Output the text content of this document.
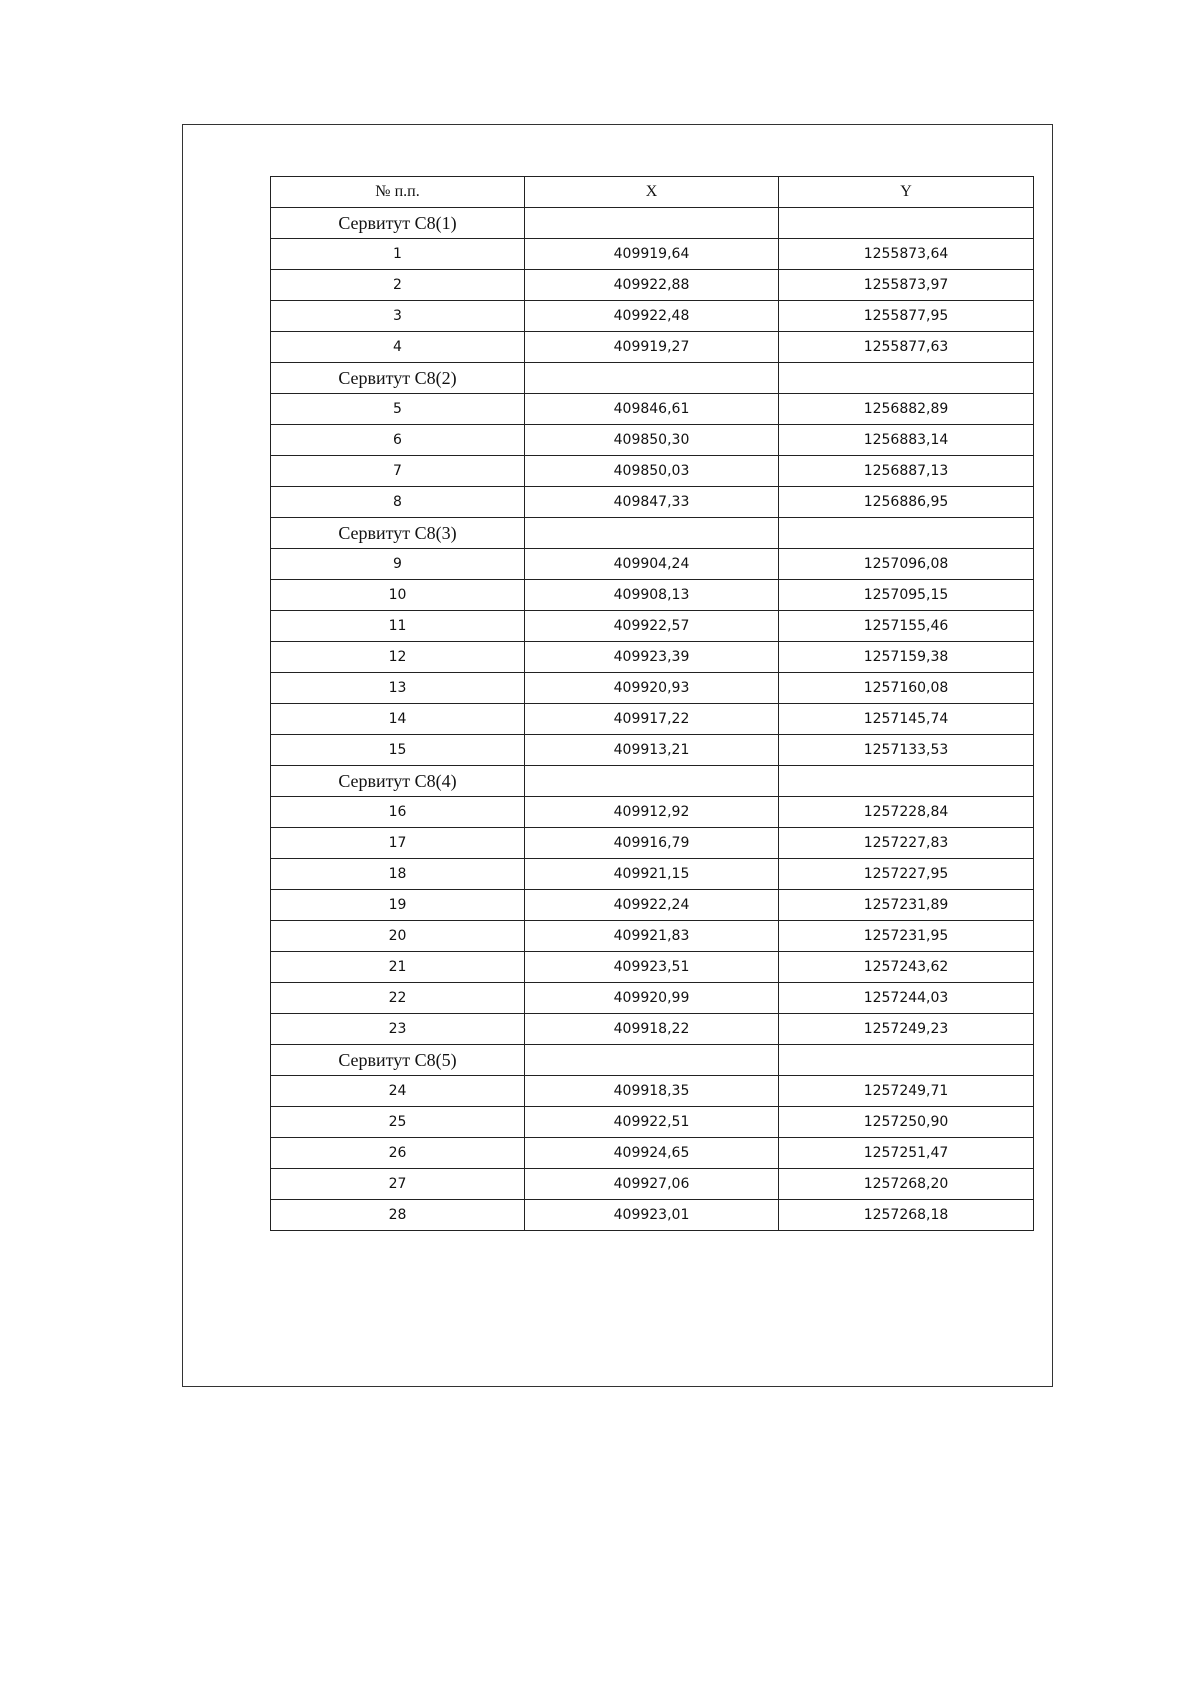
№ п.п.	X	Y
Сервитут С8(1)		
1	409919,64	1255873,64
2	409922,88	1255873,97
3	409922,48	1255877,95
4	409919,27	1255877,63
Сервитут С8(2)		
5	409846,61	1256882,89
6	409850,30	1256883,14
7	409850,03	1256887,13
8	409847,33	1256886,95
Сервитут С8(3)		
9	409904,24	1257096,08
10	409908,13	1257095,15
11	409922,57	1257155,46
12	409923,39	1257159,38
13	409920,93	1257160,08
14	409917,22	1257145,74
15	409913,21	1257133,53
Сервитут С8(4)		
16	409912,92	1257228,84
17	409916,79	1257227,83
18	409921,15	1257227,95
19	409922,24	1257231,89
20	409921,83	1257231,95
21	409923,51	1257243,62
22	409920,99	1257244,03
23	409918,22	1257249,23
Сервитут С8(5)		
24	409918,35	1257249,71
25	409922,51	1257250,90
26	409924,65	1257251,47
27	409927,06	1257268,20
28	409923,01	1257268,18
